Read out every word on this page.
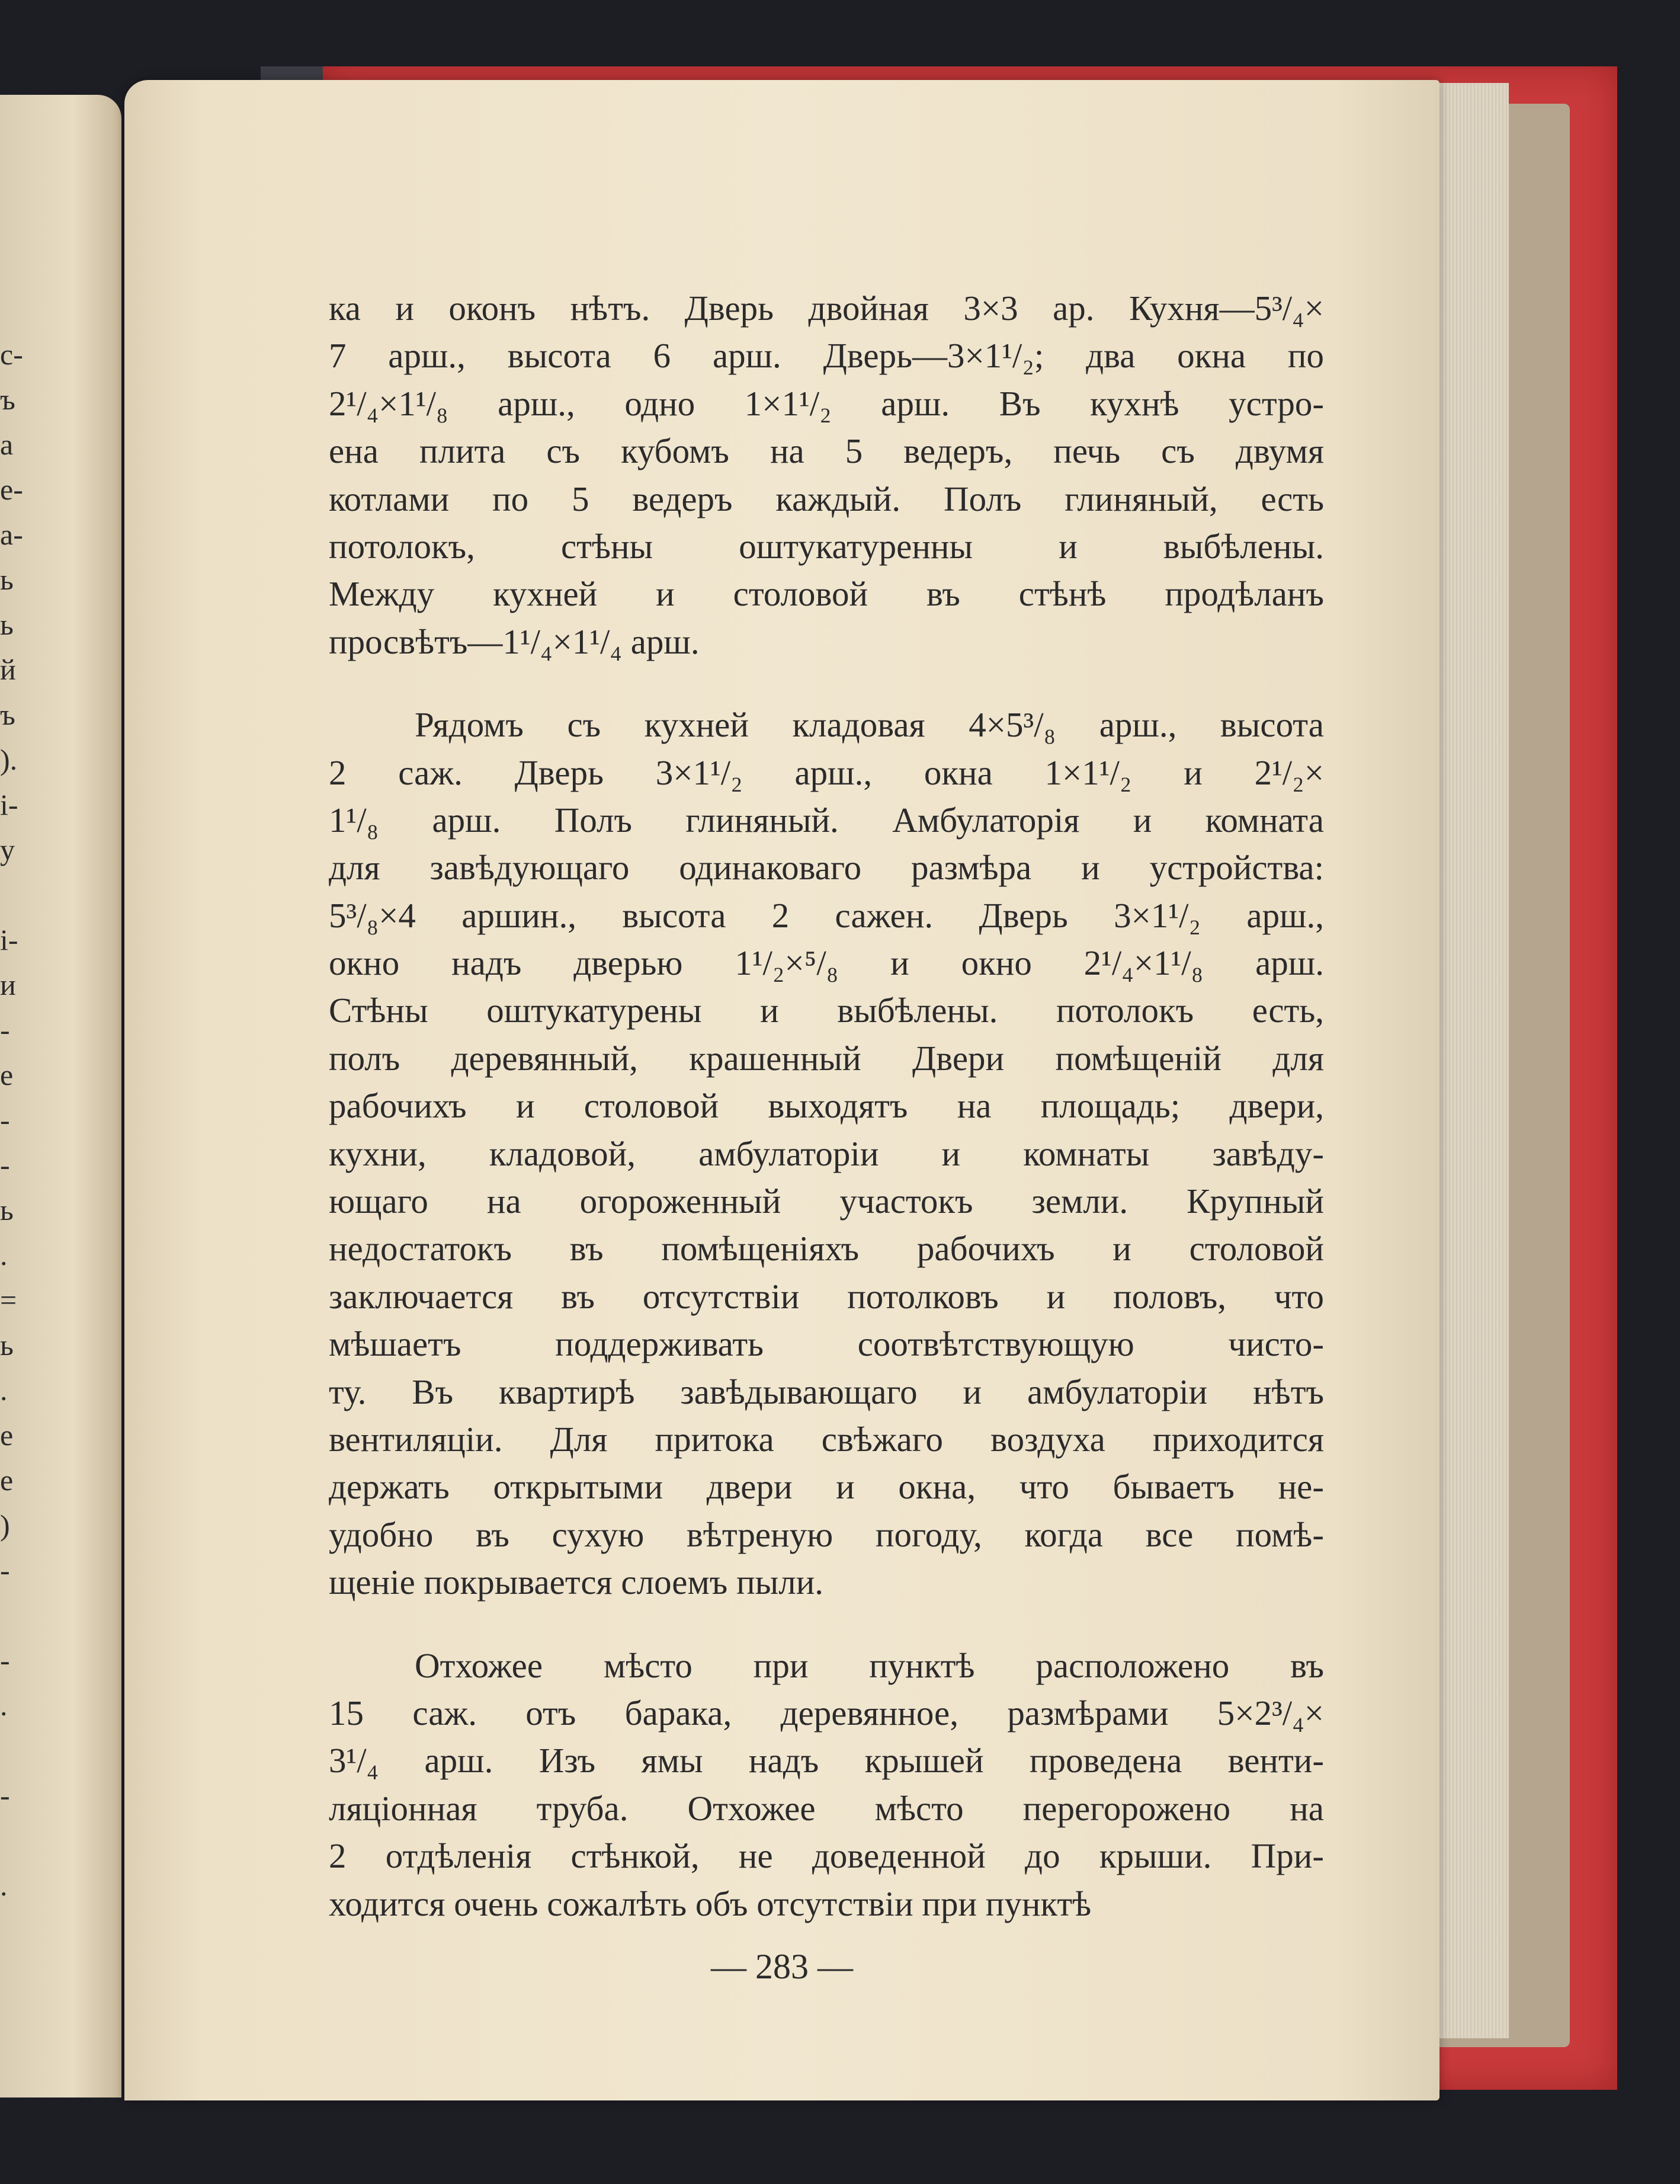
с-
ъ
а
е-
а-
ь
ь
й
ъ
).
і-
у
і-
и
-
е
-
-
ь
.
=
ь
.
е
е
)
-
-
.
-
.
ка и оконъ нѣтъ. Дверь двойная 3×3 ар. Кухня—5³/₄×
7 арш., высота 6 арш. Дверь—3×1¹/₂; два окна по
2¹/₄×1¹/₈ арш., одно 1×1¹/₂ арш. Въ кухнѣ устро-
ена плита съ кубомъ на 5 ведеръ, печь съ двумя
котлами по 5 ведеръ каждый. Полъ глиняный, есть
потолокъ, стѣны оштукатуренны и выбѣлены.
Между кухней и столовой въ стѣнѣ продѣланъ
просвѣтъ—1¹/₄×1¹/₄ арш.
Рядомъ съ кухней кладовая 4×5³/₈ арш., высота
2 саж. Дверь 3×1¹/₂ арш., окна 1×1¹/₂ и 2¹/₂×
1¹/₈ арш. Полъ глиняный. Амбулаторія и комната
для завѣдующаго одинаковаго размѣра и устройства:
5³/₈×4 аршин., высота 2 сажен. Дверь 3×1¹/₂ арш.,
окно надъ дверью 1¹/₂×⁵/₈ и окно 2¹/₄×1¹/₈ арш.
Стѣны оштукатурены и выбѣлены. потолокъ есть,
полъ деревянный, крашенный Двери помѣщеній для
рабочихъ и столовой выходятъ на площадь; двери,
кухни, кладовой, амбулаторіи и комнаты завѣду-
ющаго на огороженный участокъ земли. Крупный
недостатокъ въ помѣщеніяхъ рабочихъ и столовой
заключается въ отсутствіи потолковъ и половъ, что
мѣшаетъ поддерживать соотвѣтствующую чисто-
ту. Въ квартирѣ завѣдывающаго и амбулаторіи нѣтъ
вентиляціи. Для притока свѣжаго воздуха приходится
держать открытыми двери и окна, что бываетъ не-
удобно въ сухую вѣтреную погоду, когда все помѣ-
щеніе покрывается слоемъ пыли.
Отхожее мѣсто при пунктѣ расположено въ
15 саж. отъ барака, деревянное, размѣрами 5×2³/₄×
3¹/₄ арш. Изъ ямы надъ крышей проведена венти-
ляціонная труба. Отхожее мѣсто перегорожено на
2 отдѣленія стѣнкой, не доведенной до крыши. При-
ходится очень сожалѣть объ отсутствіи при пунктѣ
— 283 —
